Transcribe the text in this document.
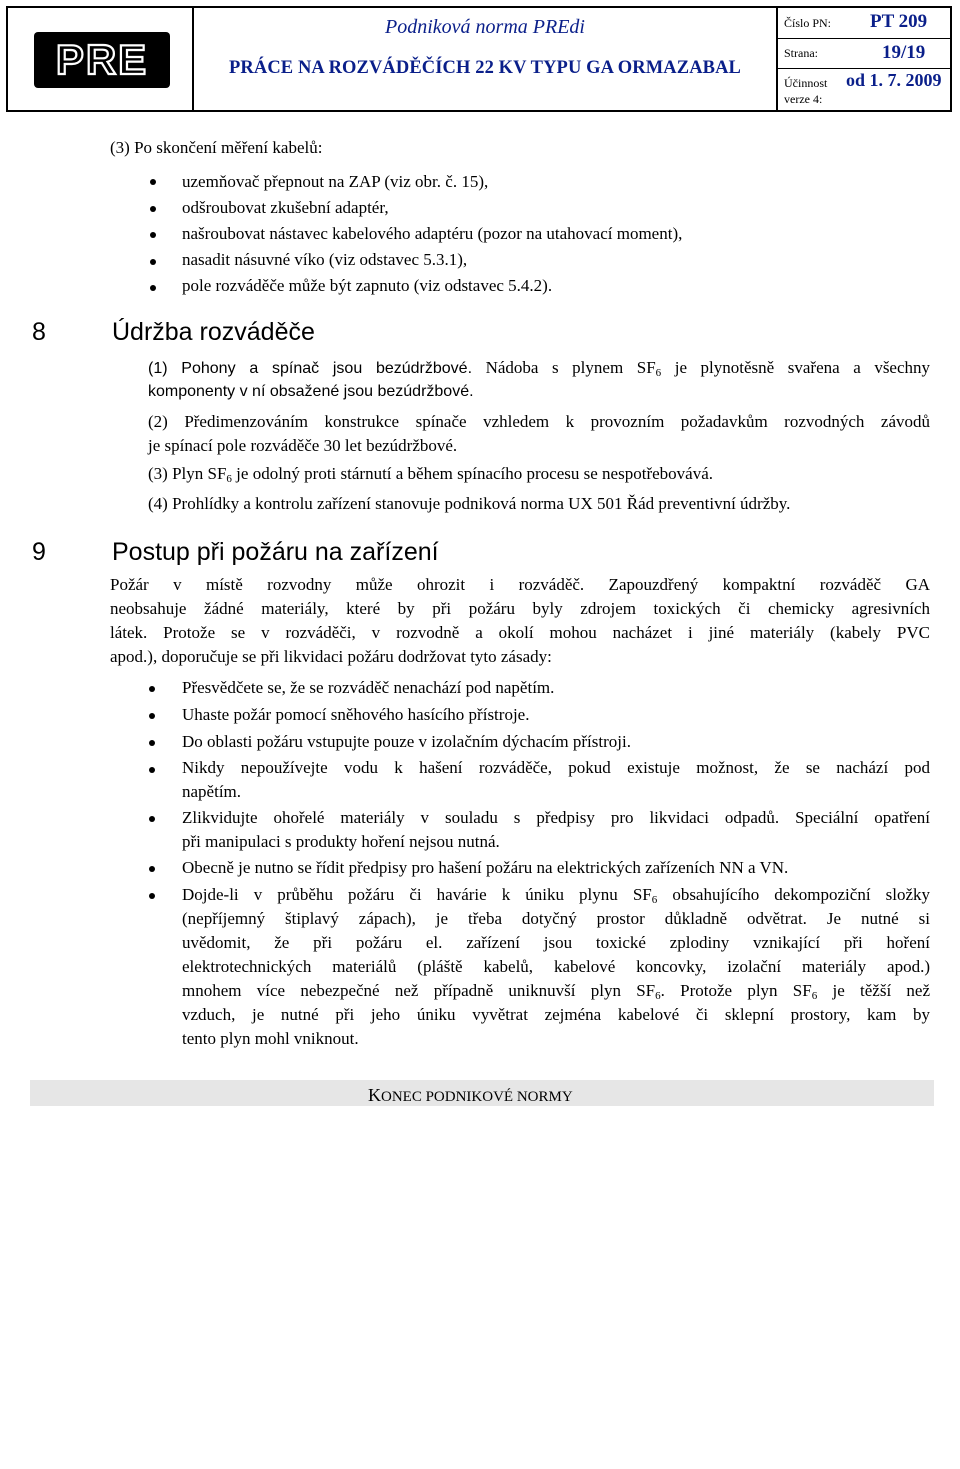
PRE
Podniková norma PREdi
PRÁCE NA ROZVÁDĚČÍCH 22 KV TYPU GA ORMAZABAL
Číslo PN: PT 209
Strana:	19/19
Účinnost od 1. 7. 2009
verze 4:
(3) Po skončení měření kabelů:
uzemňovač přepnout na ZAP (viz obr. č. 15),
odšroubovat zkušební adaptér,
našroubovat nástavec kabelového adaptéru (pozor na utahovací moment),
nasadit násuvné víko (viz odstavec 5.3.1),
pole rozváděče může být zapnuto (viz odstavec 5.4.2).
8	Údržba rozváděče
(1) Pohony a spínač jsou bezúdržbové. Nádoba s plynem $SF_6$ je plynotěsně svařena a všechny
komponenty v ní obsažené jsou bezúdržbové.
(2) Předimenzováním konstrukce spínače vzhledem k provozním požadavkům rozvodných závodů
je spínací pole rozváděče 30 let bezúdržbové.
(3) Plyn $SF_6$ je odolný proti stárnutí a během spínacího procesu se nespotřebovává.
(4) Prohlídky a kontrolu zařízení stanovuje podniková norma UX 501 Řád preventivní údržby.
9	Postup při požáru na zařízení
Požár v místě rozvodny může ohrozit i rozváděč. Zapouzdřený kompaktní rozváděč GA
neobsahuje žádné materiály, které by při požáru byly zdrojem toxických či chemicky agresivních
látek. Protože se v rozváděči, v rozvodně a okolí mohou nacházet i jiné materiály (kabely PVC
apod.), doporučuje se při likvidaci požáru dodržovat tyto zásady:
Přesvědčete se, že se rozváděč nenachází pod napětím.
Uhaste požár pomocí sněhového hasícího přístroje.
Do oblasti požáru vstupujte pouze v izolačním dýchacím přístroji.
Nikdy nepoužívejte vodu k hašení rozváděče, pokud existuje možnost, že se nachází pod
napětím.
Zlikvidujte ohořelé materiály v souladu s předpisy pro likvidaci odpadů. Speciální opatření
při manipulaci s produkty hoření nejsou nutná.
Obecně je nutno se řídit předpisy pro hašení požáru na elektrických zařízeních NN a VN.
Dojde-li v průběhu požáru či havárie k úniku plynu $SF_6$ obsahujícího dekompoziční složky
(nepříjemný štiplavý zápach), je třeba dotyčný prostor důkladně odvětrat. Je nutné si
uvědomit, že při požáru el. zařízení jsou toxické zplodiny vznikající při hoření
elektrotechnických materiálů (pláště kabelů, kabelové koncovky, izolační materiály apod.)
mnohem více nebezpečné než případně uniknuvší plyn $SF_6$. Protože plyn $SF_6$ je těžší než
vzduch, je nutné při jeho úniku vyvětrat zejména kabelové či sklepní prostory, kam by
tento plyn mohl vniknout.
KONEC PODNIKOVÉ NORMY
